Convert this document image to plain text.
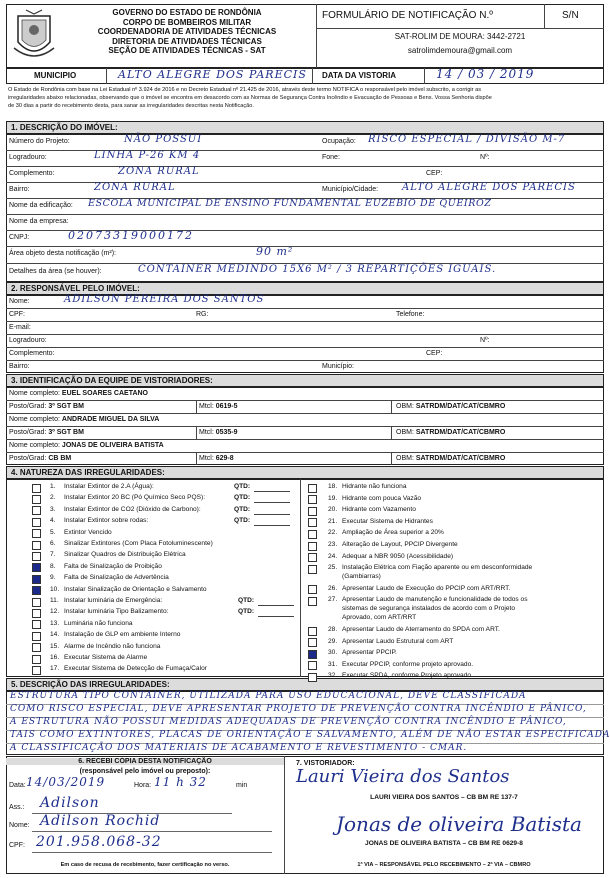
GOVERNO DO ESTADO DE RONDÔNIA
CORPO DE BOMBEIROS MILITAR
COORDENADORIA DE ATIVIDADES TÉCNICAS
DIRETORIA DE ATIVIDADES TÉCNICAS
SEÇÃO DE ATIVIDADES TÉCNICAS - SAT
FORMULÁRIO DE NOTIFICAÇÃO N.º	S/N
SAT-ROLIM DE MOURA: 3442-2721
satrolimdemoura@gmail.com
MUNICIPIO	ALTO ALEGRE DOS PARECIS DATA DA VISTORIA	14 / 03 / 2019
O Estado de Rondônia com base na Lei Estadual nº 3.924 de 2016 e no Decreto Estadual nº 21.425 de 2016, através deste termo NOTIFICA o responsável pelo imóvel subscrito, a corrigir as
irregularidades abaixo relacionadas, observando que o imóvel se encontra em desacordo com as Normas de Segurança Contra Incêndio e Evacuação de Pessoas e Bens. Vossa Senhoria dispõe
de 30 dias a partir do recebimento desta, para sanar as irregularidades descritas nesta Notificação.
1. DESCRIÇÃO DO IMÓVEL:
Número do Projeto:	NÃO POSSUI	Ocupação: RISCO ESPECIAL / DIVISÃO M-7
Logradouro:	LINHA P-26 KM 4	Fone:	Nº:
Complemento:	ZONA RURAL	CEP:
Bairro:	ZONA RURAL	Município/Cidade: ALTO ALEGRE DOS PARECIS
Nome da edificação: ESCOLA MUNICIPAL DE ENSINO FUNDAMENTAL EUZEBIO DE QUEIROZ
Nome da empresa:
CNPJ:	02073319000172
Área objeto desta notificação (m²):	90 m²
Detalhes da área (se houver):	CONTAINER MEDINDO 15X6 M² / 3 REPARTIÇÕES IGUAIS.
2. RESPONSÁVEL PELO IMÓVEL:
Nome:	ADILSON PEREIRA DOS SANTOS
CPF:	RG:	Telefone:
E-mail:
Logradouro:	Nº:
Complemento:	CEP:
Bairro:	Município:
3. IDENTIFICAÇÃO DA EQUIPE DE VISTORIADORES:
Nome completo: EUEL SOARES CAETANO
Posto/Grad: 3º SGT BM	Mtcl: 0619-5	OBM: SATRDM/DAT/CAT/CBMRO
Nome completo: ANDRADE MIGUEL DA SILVA
Posto/Grad: 3º SGT BM	Mtcl: 0535-9	OBM: SATRDM/DAT/CAT/CBMRO
Nome completo: JONAS DE OLIVEIRA BATISTA
Posto/Grad: CB BM	Mtcl: 629-8	OBM: SATRDM/DAT/CAT/CBMRO
4. NATUREZA DAS IRREGULARIDADES:
5. DESCRIÇÃO DAS IRREGULARIDADES:
ESTRUTURA TIPO CONTAINER, UTILIZADA PARA USO EDUCACIONAL, DEVE CLASSIFICADA
COMO RISCO ESPECIAL, DEVE APRESENTAR PROJETO DE PREVENÇÃO CONTRA INCÊNDIO E PÂNICO,
A ESTRUTURA NÃO POSSUI MEDIDAS ADEQUADAS DE PREVENÇÃO CONTRA INCÊNDIO E PÂNICO,
TAIS COMO EXTINTORES, PLACAS DE ORIENTAÇÃO E SALVAMENTO, ALÉM DE NÃO ESTAR ESPECIFICADA
A CLASSIFICAÇÃO DOS MATERIAIS DE ACABAMENTO E REVESTIMENTO - CMAR.
6. RECEBI CÓPIA DESTA NOTIFICAÇÃO
(responsável pelo imóvel ou preposto):
Data: 14/03/2019	Hora: 11 h 32	min
Ass.: Adilson
Nome: Adilson Rochid
CPF: 201.958.068-32
Em caso de recusa de recebimento, fazer certificação no verso.
7. VISTORIADOR:
Lauri Vieira dos Santos
LAURI VIEIRA DOS SANTOS – CB BM RE 137-7
Jonas de oliveira Batista
JONAS DE OLIVEIRA BATISTA – CB BM RE 0629-8
1ª VIA – RESPONSÁVEL PELO RECEBIMENTO – 2ª VIA – CBMRO
1. Instalar Extintor de 2.A (Água):	QTD:
2. Instalar Extintor 20 BC (Pó Químico Seco PQS):	QTD:
3. Instalar Extintor de CO2 (Dióxido de Carbono):	QTD:
4. Instalar Extintor sobre rodas:	QTD:
5. Extintor Vencido
6. Sinalizar Extintores (Com Placa Fotoluminescente)
7. Sinalizar Quadros de Distribuição Elétrica
8. Falta de Sinalização de Proibição
9. Falta de Sinalização de Advertência
10. Instalar Sinalização de Orientação e Salvamento
11. Instalar luminária de Emergência:	QTD:
12. Instalar luminária Tipo Balizamento:	QTD:
13. Luminária não funciona
14. Instalação de GLP em ambiente Interno
15. Alarme de Incêndio não funciona
16. Executar Sistema de Alarme
17. Executar Sistema de Detecção de Fumaça/Calor
18. Hidrante não funciona
19. Hidrante com pouca Vazão
20. Hidrante com Vazamento
21. Executar Sistema de Hidrantes
22. Ampliação de Área superior a 20%
23. Alteração de Layout, PPCIP Divergente
24. Adequar a NBR 9050 (Acessibilidade)
25. Instalação Elétrica com Fiação aparente ou em desconformidade
(Gambiarras)
26. Apresentar Laudo de Execução do PPCIP com ART/RRT.
27. Apresentar Laudo de manutenção e funcionalidade de todos os
sistemas de segurança instalados de acordo com o Projeto
Aprovado, com ART/RRT
28. Apresentar Laudo de Aterramento do SPDA com ART.
29. Apresentar Laudo Estrutural com ART
30. Apresentar PPCIP.
31. Executar PPCIP, conforme projeto aprovado.
32. Executar SPDA, conforme Projeto aprovado.
